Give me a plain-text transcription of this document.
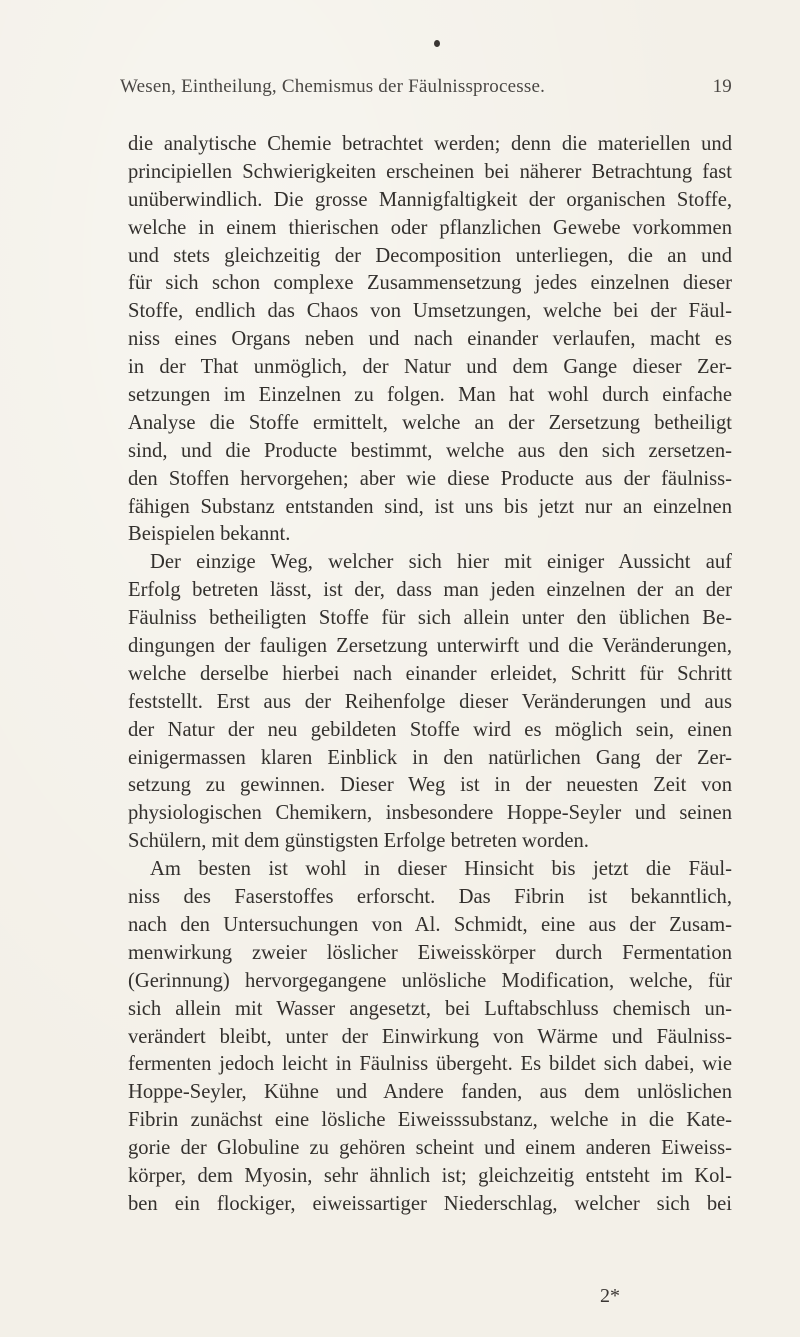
Wesen, Eintheilung, Chemismus der Fäulnissprocesse.	19
die analytische Chemie betrachtet werden; denn die materiellen und
principiellen Schwierigkeiten erscheinen bei näherer Betrachtung fast
unüberwindlich. Die grosse Mannigfaltigkeit der organischen Stoffe,
welche in einem thierischen oder pflanzlichen Gewebe vorkommen
und stets gleichzeitig der Decomposition unterliegen, die an und
für sich schon complexe Zusammensetzung jedes einzelnen dieser
Stoffe, endlich das Chaos von Umsetzungen, welche bei der Fäul-
niss eines Organs neben und nach einander verlaufen, macht es
in der That unmöglich, der Natur und dem Gange dieser Zer-
setzungen im Einzelnen zu folgen. Man hat wohl durch einfache
Analyse die Stoffe ermittelt, welche an der Zersetzung betheiligt
sind, und die Producte bestimmt, welche aus den sich zersetzen-
den Stoffen hervorgehen; aber wie diese Producte aus der fäulniss-
fähigen Substanz entstanden sind, ist uns bis jetzt nur an einzelnen
Beispielen bekannt.
Der einzige Weg, welcher sich hier mit einiger Aussicht auf
Erfolg betreten lässt, ist der, dass man jeden einzelnen der an der
Fäulniss betheiligten Stoffe für sich allein unter den üblichen Be-
dingungen der fauligen Zersetzung unterwirft und die Veränderungen,
welche derselbe hierbei nach einander erleidet, Schritt für Schritt
feststellt. Erst aus der Reihenfolge dieser Veränderungen und aus
der Natur der neu gebildeten Stoffe wird es möglich sein, einen
einigermassen klaren Einblick in den natürlichen Gang der Zer-
setzung zu gewinnen. Dieser Weg ist in der neuesten Zeit von
physiologischen Chemikern, insbesondere Hoppe-Seyler und seinen
Schülern, mit dem günstigsten Erfolge betreten worden.
Am besten ist wohl in dieser Hinsicht bis jetzt die Fäul-
niss des Faserstoffes erforscht. Das Fibrin ist bekanntlich,
nach den Untersuchungen von Al. Schmidt, eine aus der Zusam-
menwirkung zweier löslicher Eiweisskörper durch Fermentation
(Gerinnung) hervorgegangene unlösliche Modification, welche, für
sich allein mit Wasser angesetzt, bei Luftabschluss chemisch un-
verändert bleibt, unter der Einwirkung von Wärme und Fäulniss-
fermenten jedoch leicht in Fäulniss übergeht. Es bildet sich dabei, wie
Hoppe-Seyler, Kühne und Andere fanden, aus dem unlöslichen
Fibrin zunächst eine lösliche Eiweisssubstanz, welche in die Kate-
gorie der Globuline zu gehören scheint und einem anderen Eiweiss-
körper, dem Myosin, sehr ähnlich ist; gleichzeitig entsteht im Kol-
ben ein flockiger, eiweissartiger Niederschlag, welcher sich bei
2*
